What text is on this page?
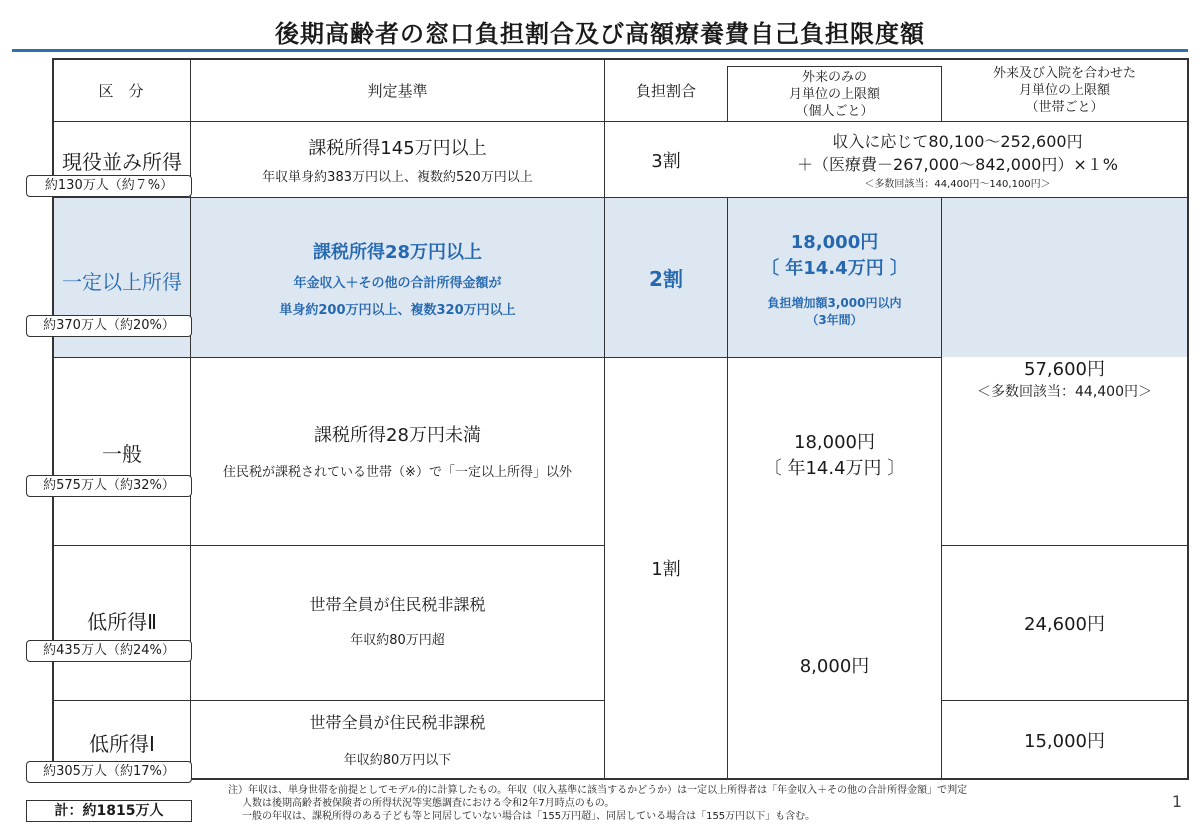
後期高齢者の窓口負担割合及び高額療養費自己負担限度額
区　分	判定基準	負担割合
外来のみの
月単位の上限額
（個人ごと）
外来及び入院を合わせた
月単位の上限額
（世帯ごと）
現役並み所得
約130万人（約７%）
課税所得145万円以上
年収単身約383万円以上、複数約520万円以上
3割
収入に応じて80,100～252,600円
＋（医療費－267,000～842,000円）×１%
＜多数回該当：44,400円～140,100円＞
一定以上所得
約370万人（約20%）
課税所得28万円以上
年金収入＋その他の合計所得金額が
単身約200万円以上、複数320万円以上
2割
18,000円
〔 年14.4万円 〕
負担増加額3,000円以内
（3年間）
1割
57,600円
＜多数回該当：44,400円＞
一般
約575万人（約32%）
課税所得28万円未満
住民税が課税されている世帯（※）で「一定以上所得」以外
18,000円
〔 年14.4万円 〕
低所得Ⅱ
約435万人（約24%）
世帯全員が住民税非課税
年収約80万円超
24,600円
8,000円
低所得Ⅰ
約305万人（約17%）
世帯全員が住民税非課税
年収約80万円以下
15,000円
計：約1815万人
注）年収は、単身世帯を前提としてモデル的に計算したもの。年収（収入基準に該当するかどうか）は一定以上所得者は「年金収入＋その他の合計所得金額」で判定
人数は後期高齢者被保険者の所得状況等実態調査における令和2年7月時点のもの。
一般の年収は、課税所得のある子ども等と同居していない場合は「155万円超」、同居している場合は「155万円以下」も含む。
1
